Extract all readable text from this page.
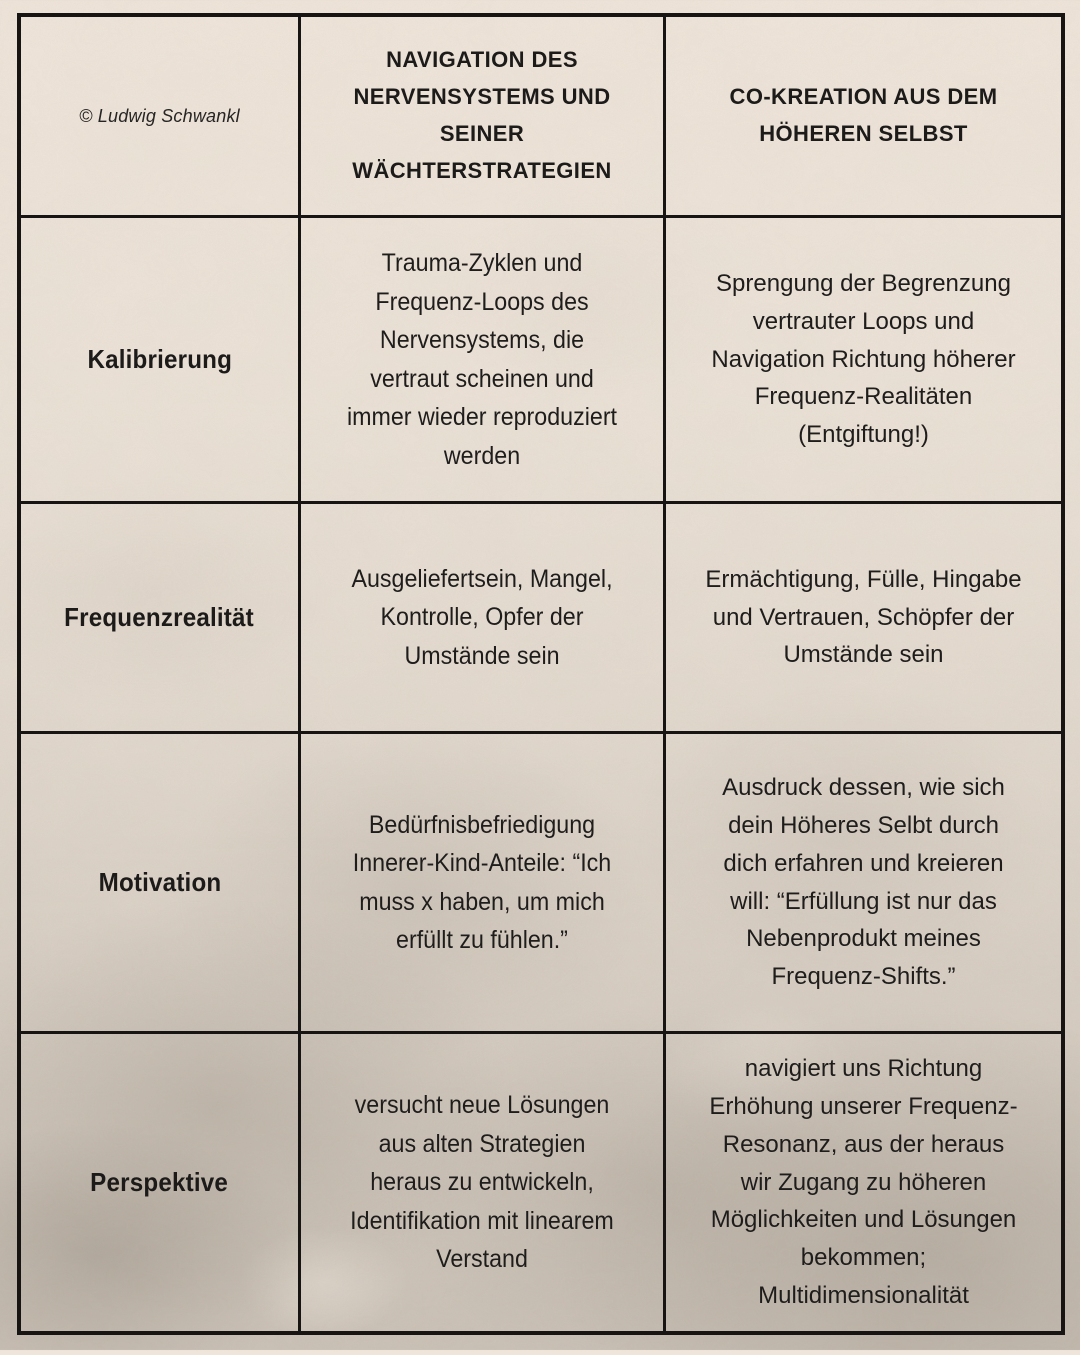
© Ludwig Schwankl
NAVIGATION DES NERVENSYSTEMS UND SEINER WÄCHTERSTRATEGIEN
CO-KREATION AUS DEM HÖHEREN SELBST
Kalibrierung
Trauma-Zyklen und Frequenz-Loops des Nervensystems, die vertraut scheinen und immer wieder reproduziert werden
Sprengung der Begrenzung vertrauter Loops und Navigation Richtung höherer Frequenz-Realitäten (Entgiftung!)
Frequenzrealität
Ausgeliefertsein, Mangel, Kontrolle, Opfer der Umstände sein
Ermächtigung, Fülle, Hingabe und Vertrauen, Schöpfer der Umstände sein
Motivation
Bedürfnisbefriedigung Innerer-Kind-Anteile: “Ich muss x haben, um mich erfüllt zu fühlen.”
Ausdruck dessen, wie sich dein Höheres Selbt durch dich erfahren und kreieren will: “Erfüllung ist nur das Nebenprodukt meines Frequenz-Shifts.”
Perspektive
versucht neue Lösungen aus alten Strategien heraus zu entwickeln, Identifikation mit linearem Verstand
navigiert uns Richtung Erhöhung unserer Frequenz-Resonanz, aus der heraus wir Zugang zu höheren Möglichkeiten und Lösungen bekommen; Multidimensionalität
